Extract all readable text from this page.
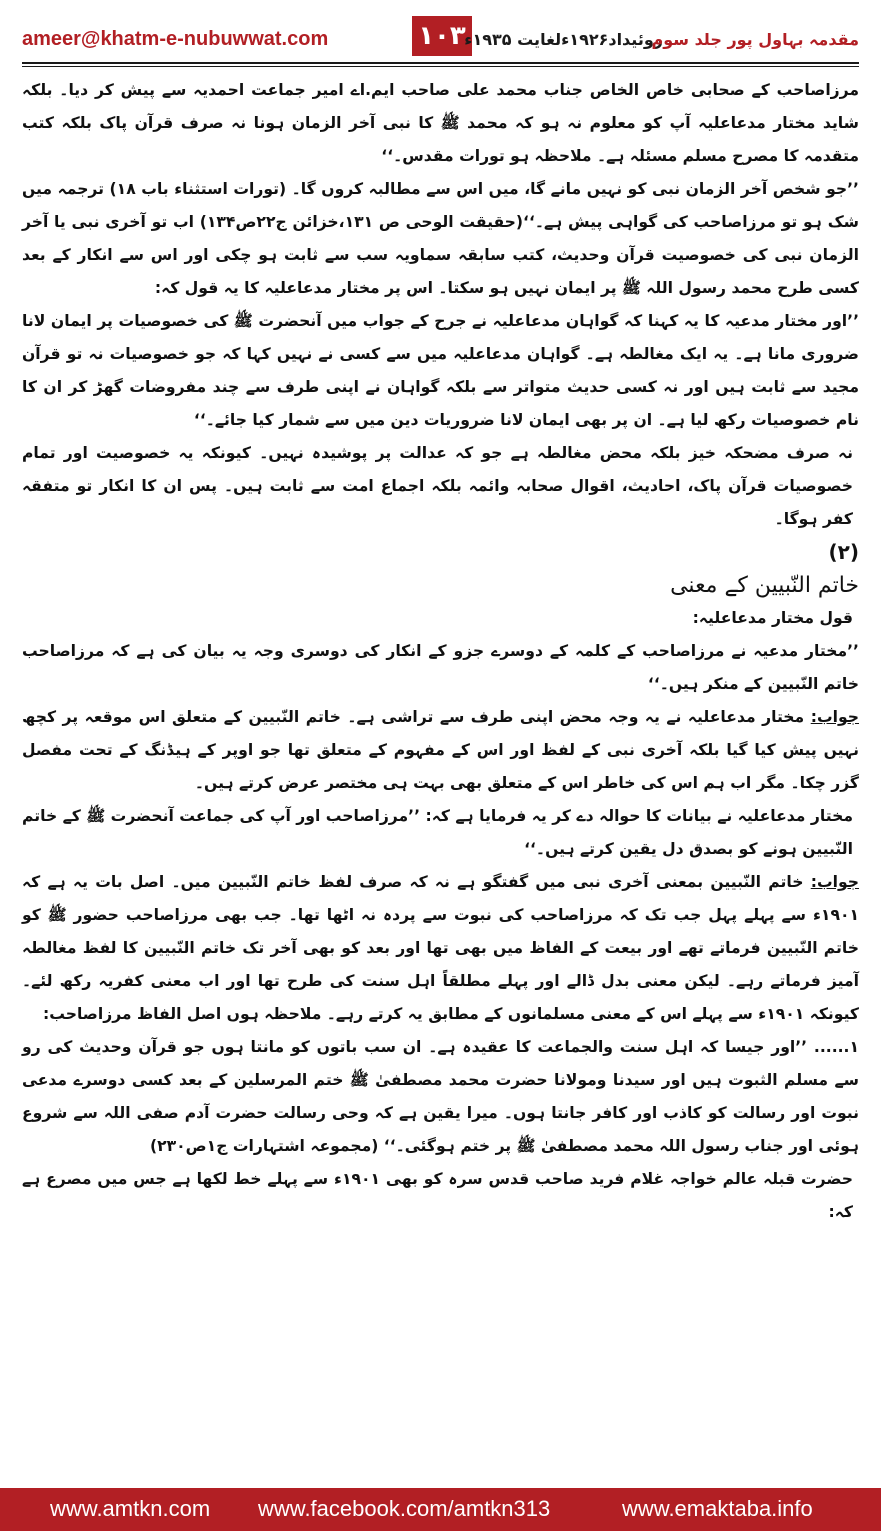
ameer@khatm-e-nubuwwat.com	۱۰۳
روئیداد۱۹۲۶ءلغایت ۱۹۳۵ء
مقدمہ بہاول پور جلد سوم

مرزاصاحب کے صحابی خاص الخاص جناب محمد علی صاحب ایم.اے امیر جماعت احمدیہ سے پیش کر دیا۔ بلکہ شاید مختار مدعاعلیہ آپ کو معلوم نہ ہو کہ محمد ﷺ کا نبی آخر الزمان ہونا نہ صرف قرآن پاک بلکہ کتب متقدمہ کا مصرح مسلم مسئلہ ہے۔ ملاحظہ ہو تورات مقدس۔‘‘

’’جو شخص آخر الزمان نبی کو نہیں مانے گا، میں اس سے مطالبہ کروں گا۔ (تورات استثناء باب ۱۸) ترجمہ میں شک ہو تو مرزاصاحب کی گواہی پیش ہے۔‘‘(حقیقت الوحی ص ۱۳۱،خزائن ج۲۲ص۱۳۴) اب تو آخری نبی یا آخر الزمان نبی کی خصوصیت قرآن وحدیث، کتب سابقہ سماویہ سب سے ثابت ہو چکی اور اس سے انکار کے بعد کسی طرح محمد رسول اللہ ﷺ پر ایمان نہیں ہو سکتا۔ اس پر مختار مدعاعلیہ کا یہ قول کہ:

’’اور مختار مدعیہ کا یہ کہنا کہ گواہان مدعاعلیہ نے جرح کے جواب میں آنحضرت ﷺ کی خصوصیات پر ایمان لانا ضروری مانا ہے۔ یہ ایک مغالطہ ہے۔ گواہان مدعاعلیہ میں سے کسی نے نہیں کہا کہ جو خصوصیات نہ تو قرآن مجید سے ثابت ہیں اور نہ کسی حدیث متواتر سے بلکہ گواہان نے اپنی طرف سے چند مفروضات گھڑ کر ان کا نام خصوصیات رکھ لیا ہے۔ ان پر بھی ایمان لانا ضروریات دین میں سے شمار کیا جائے۔‘‘

نہ صرف مضحکہ خیز بلکہ محض مغالطہ ہے جو کہ عدالت پر پوشیدہ نہیں۔ کیونکہ یہ خصوصیت اور تمام خصوصیات قرآن پاک، احادیث، اقوال صحابہ وائمہ بلکہ اجماع امت سے ثابت ہیں۔ پس ان کا انکار تو متفقہ کفر ہوگا۔

(۲)

خاتم النّبیین کے معنی

قول مختار مدعاعلیہ:

’’مختار مدعیہ نے مرزاصاحب کے کلمہ کے دوسرے جزو کے انکار کی دوسری وجہ یہ بیان کی ہے کہ مرزاصاحب خاتم النّبیین کے منکر ہیں۔‘‘

جواب: مختار مدعاعلیہ نے یہ وجہ محض اپنی طرف سے تراشی ہے۔ خاتم النّبیین کے متعلق اس موقعہ پر کچھ نہیں پیش کیا گیا بلکہ آخری نبی کے لفظ اور اس کے مفہوم کے متعلق تھا جو اوپر کے ہیڈنگ کے تحت مفصل گزر چکا۔ مگر اب ہم اس کی خاطر اس کے متعلق بھی بہت ہی مختصر عرض کرتے ہیں۔

مختار مدعاعلیہ نے بیانات کا حوالہ دے کر یہ فرمایا ہے کہ: ’’مرزاصاحب اور آپ کی جماعت آنحضرت ﷺ کے خاتم النّبیین ہونے کو بصدق دل یقین کرتے ہیں۔‘‘

جواب: خاتم النّبیین بمعنی آخری نبی میں گفتگو ہے نہ کہ صرف لفظ خاتم النّبیین میں۔ اصل بات یہ ہے کہ ۱۹۰۱ء سے پہلے پہل جب تک کہ مرزاصاحب کی نبوت سے پردہ نہ اٹھا تھا۔ جب بھی مرزاصاحب حضور ﷺ کو خاتم النّبیین فرماتے تھے اور بیعت کے الفاظ میں بھی تھا اور بعد کو بھی آخر تک خاتم النّبیین کا لفظ مغالطہ آمیز فرماتے رہے۔ لیکن معنی بدل ڈالے اور پہلے مطلقاً اہل سنت کی طرح تھا اور اب معنی کفریہ رکھ لئے۔ کیونکہ ۱۹۰۱ء سے پہلے اس کے معنی مسلمانوں کے مطابق یہ کرتے رہے۔ ملاحظہ ہوں اصل الفاظ مرزاصاحب:

۱...... ’’اور جیسا کہ اہل سنت والجماعت کا عقیدہ ہے۔ ان سب باتوں کو مانتا ہوں جو قرآن وحدیث کی رو سے مسلم الثبوت ہیں اور سیدنا ومولانا حضرت محمد مصطفیٰ ﷺ ختم المرسلین کے بعد کسی دوسرے مدعی نبوت اور رسالت کو کاذب اور کافر جانتا ہوں۔ میرا یقین ہے کہ وحی رسالت حضرت آدم صفی اللہ سے شروع ہوئی اور جناب رسول اللہ محمد مصطفیٰ ﷺ پر ختم ہوگئی۔‘‘ (مجموعہ اشتہارات ج۱ص۲۳۰)

حضرت قبلہ عالم خواجہ غلام فرید صاحب قدس سرہ کو بھی ۱۹۰۱ء سے پہلے خط لکھا ہے جس میں مصرع ہے کہ:

www.amtkn.com www.facebook.com/amtkn313	www.emaktaba.info
